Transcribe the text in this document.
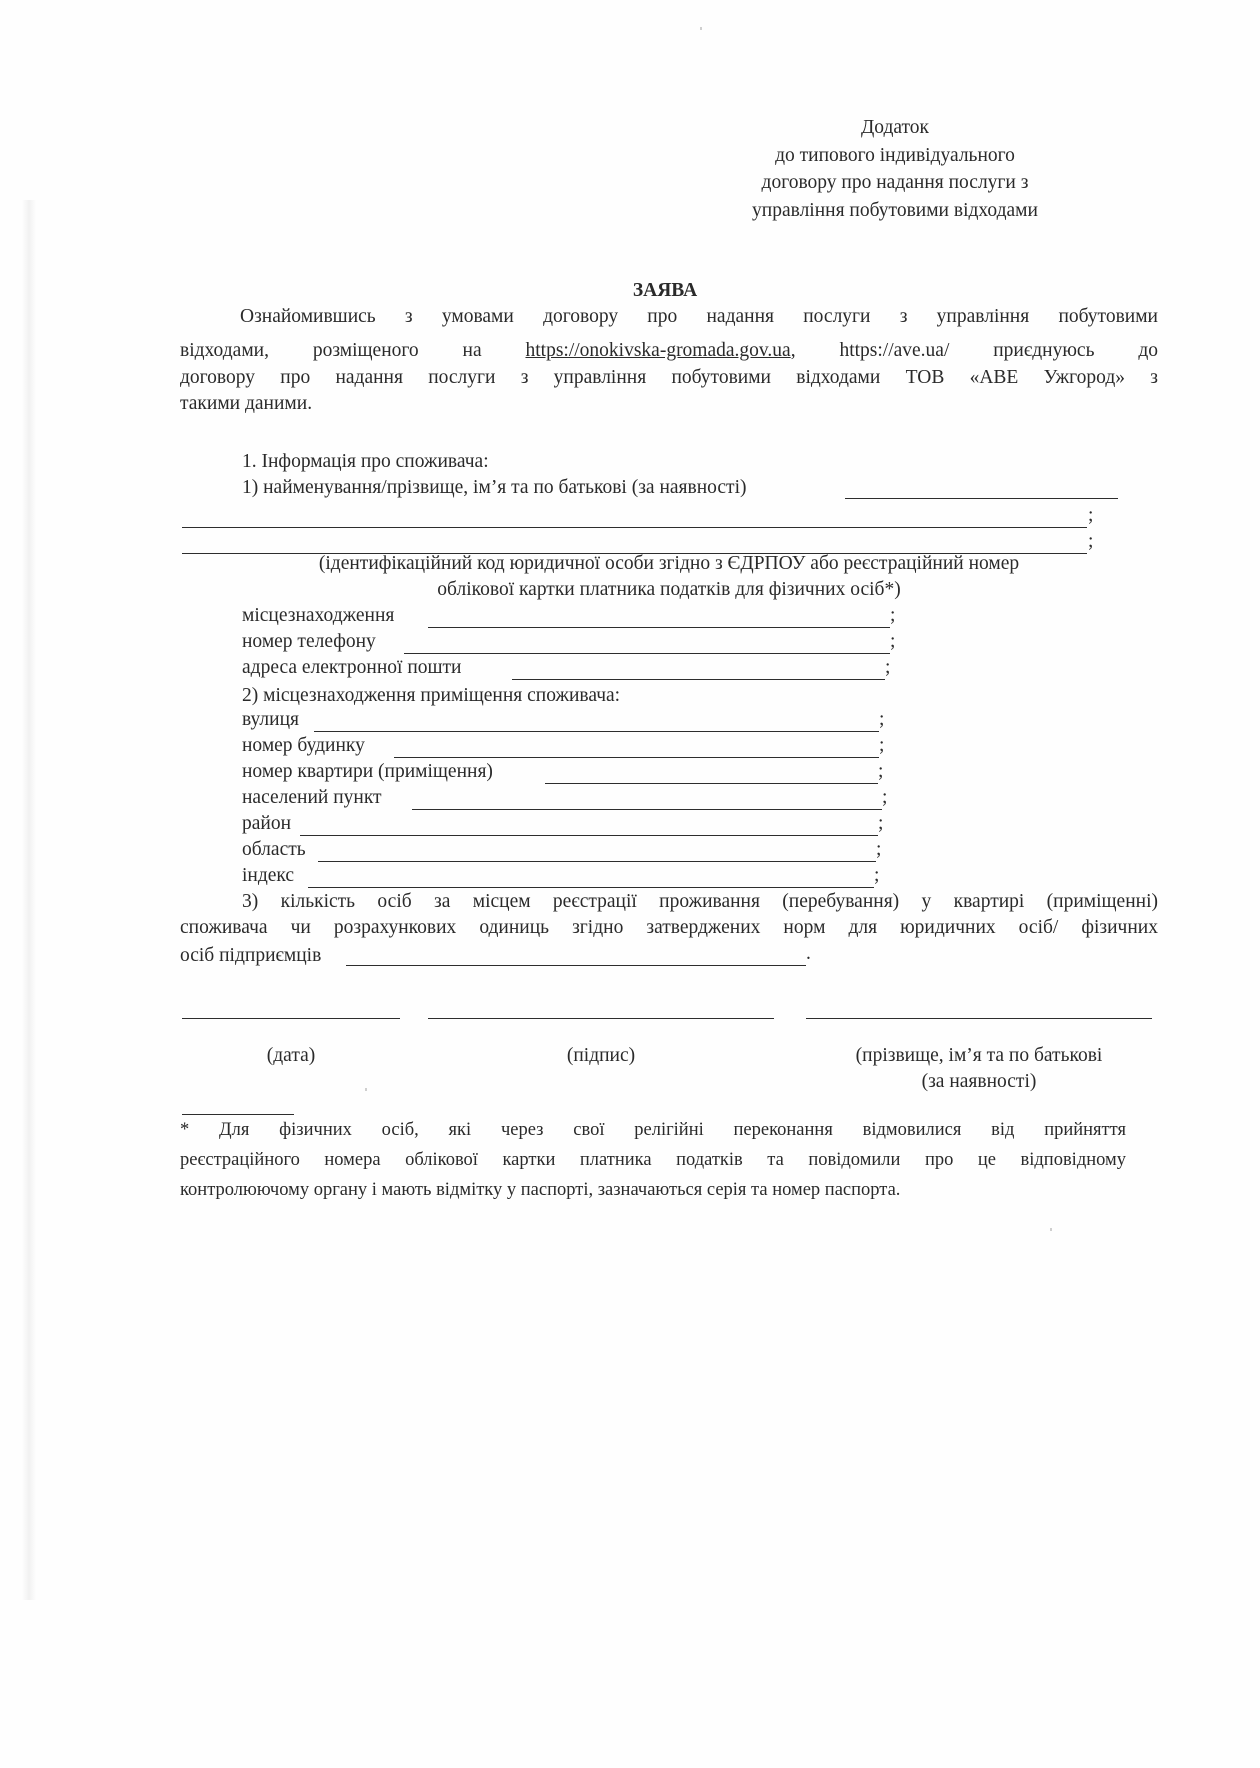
Додаток
до типового індивідуального
договору про надання послуги з
управління побутовими відходами
ЗАЯВА
Ознайомившись з умовами договору про надання послуги з управління побутовими
відходами, розміщеного на https://onokivska-gromada.gov.ua, https://ave.ua/ приєднуюсь до
договору про надання послуги з управління побутовими відходами ТОВ «АВЕ Ужгород» з
такими даними.
1. Інформація про споживача:
1) найменування/прізвище, ім’я та по батькові (за наявності)
;
;
(ідентифікаційний код юридичної особи згідно з ЄДРПОУ або реєстраційний номер
облікової картки платника податків для фізичних осіб*)
місцезнаходження	;
номер телефону	;
адреса електронної пошти	;
2) місцезнаходження приміщення споживача:
вулиця	;
номер будинку	;
номер квартири (приміщення)	;
населений пункт	;
район	;
область	;
індекс	;
3) кількість осіб за місцем реєстрації проживання (перебування) у квартирі (приміщенні)
споживача чи розрахункових одиниць згідно затверджених норм для юридичних осіб/ фізичних
осіб підприємців	.
(дата)	(підпис)	(прізвище, ім’я та по батькові
(за наявності)
* Для фізичних осіб, які через свої релігійні переконання відмовилися від прийняття
реєстраційного номера облікової картки платника податків та повідомили про це відповідному
контролюючому органу і мають відмітку у паспорті, зазначаються серія та номер паспорта.
